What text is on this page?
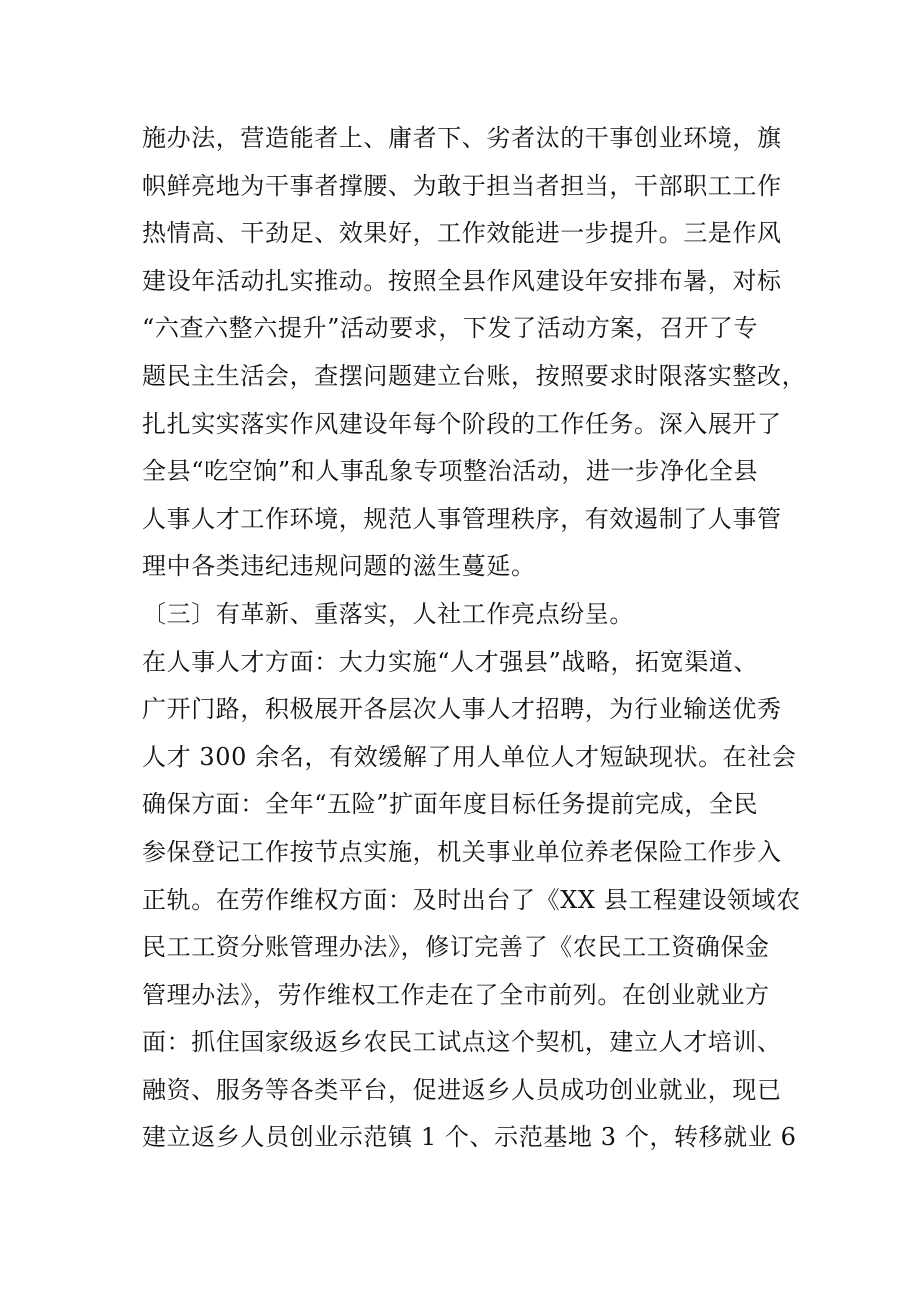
施办法，营造能者上、庸者下、劣者汰的干事创业环境，旗
帜鲜亮地为干事者撑腰、为敢于担当者担当，干部职工工作
热情高、干劲足、效果好，工作效能进一步提升。三是作风
建设年活动扎实推动。按照全县作风建设年安排布暑，对标
“六查六整六提升”活动要求，下发了活动方案，召开了专
题民主生活会，查摆问题建立台账，按照要求时限落实整改，
扎扎实实落实作风建设年每个阶段的工作任务。深入展开了
全县“吃空饷”和人事乱象专项整治活动，进一步净化全县
人事人才工作环境，规范人事管理秩序，有效遏制了人事管
理中各类违纪违规问题的滋生蔓延。
〔三〕有革新、重落实，人社工作亮点纷呈。
在人事人才方面：大力实施“人才强县”战略，拓宽渠道、
广开门路，积极展开各层次人事人才招聘，为行业输送优秀
人才 300 余名，有效缓解了用人单位人才短缺现状。在社会
确保方面：全年“五险”扩面年度目标任务提前完成，全民
参保登记工作按节点实施，机关事业单位养老保险工作步入
正轨。在劳作维权方面：及时出台了《XX 县工程建设领域农
民工工资分账管理办法》，修订完善了《农民工工资确保金
管理办法》，劳作维权工作走在了全市前列。在创业就业方
面：抓住国家级返乡农民工试点这个契机，建立人才培训、
融资、服务等各类平台，促进返乡人员成功创业就业，现已
建立返乡人员创业示范镇 1 个、示范基地 3 个，转移就业 6
